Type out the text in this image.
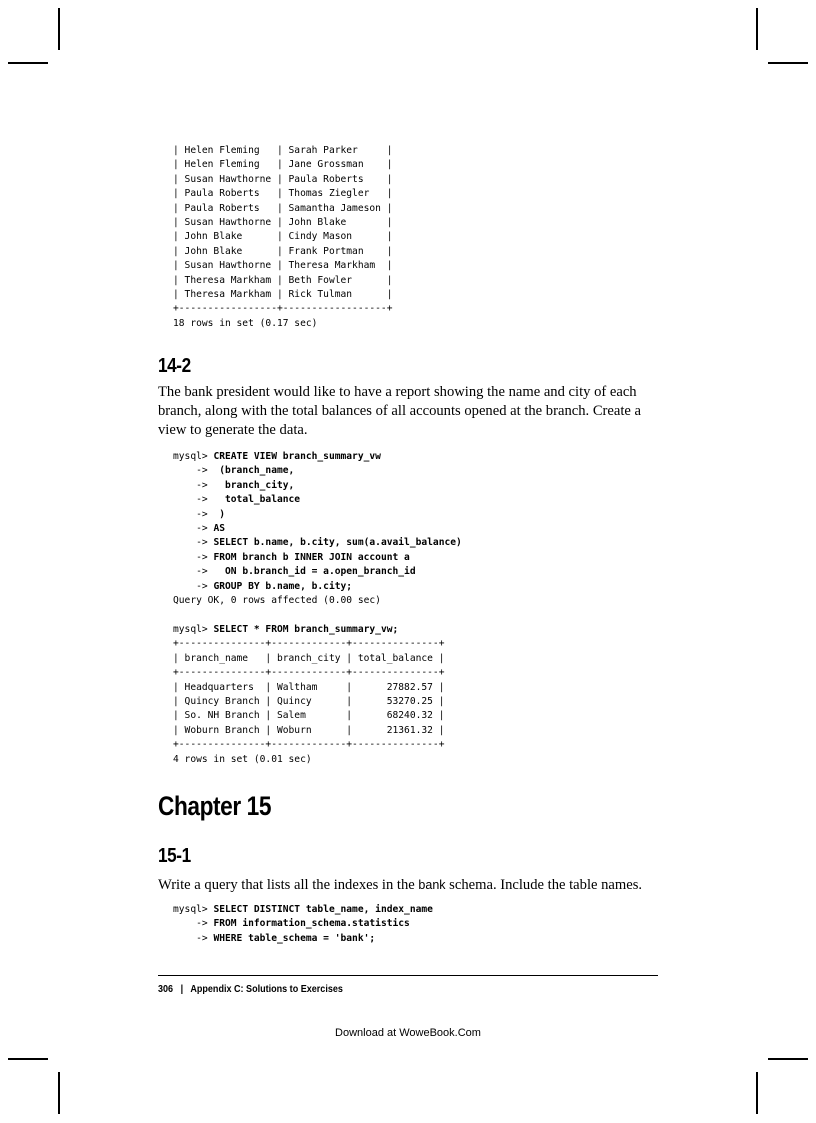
| Helen Fleming   | Sarah Parker     |
| Helen Fleming   | Jane Grossman    |
| Susan Hawthorne | Paula Roberts    |
| Paula Roberts   | Thomas Ziegler   |
| Paula Roberts   | Samantha Jameson |
| Susan Hawthorne | John Blake       |
| John Blake      | Cindy Mason      |
| John Blake      | Frank Portman    |
| Susan Hawthorne | Theresa Markham  |
| Theresa Markham | Beth Fowler      |
| Theresa Markham | Rick Tulman      |
+-----------------+------------------+
18 rows in set (0.17 sec)
14-2

The bank president would like to have a report showing the name and city of each branch, along with the total balances of all accounts opened at the branch. Create a view to generate the data.

mysql> CREATE VIEW branch_summary_vw
->  (branch_name,
->   branch_city,
->   total_balance
->  )
-> AS
-> SELECT b.name, b.city, sum(a.avail_balance)
-> FROM branch b INNER JOIN account a
->   ON b.branch_id = a.open_branch_id
-> GROUP BY b.name, b.city;
Query OK, 0 rows affected (0.00 sec)
mysql> SELECT * FROM branch_summary_vw;
+---------------+-------------+---------------+
| branch_name   | branch_city | total_balance |
+---------------+-------------+---------------+
| Headquarters  | Waltham     |      27882.57 |
| Quincy Branch | Quincy      |      53270.25 |
| So. NH Branch | Salem       |      68240.32 |
| Woburn Branch | Woburn      |      21361.32 |
+---------------+-------------+---------------+
4 rows in set (0.01 sec)
Chapter 15
15-1

Write a query that lists all the indexes in the bank schema. Include the table names.

mysql> SELECT DISTINCT table_name, index_name
-> FROM information_schema.statistics
-> WHERE table_schema = 'bank';
306 | Appendix C: Solutions to Exercises
Download at WoweBook.Com
